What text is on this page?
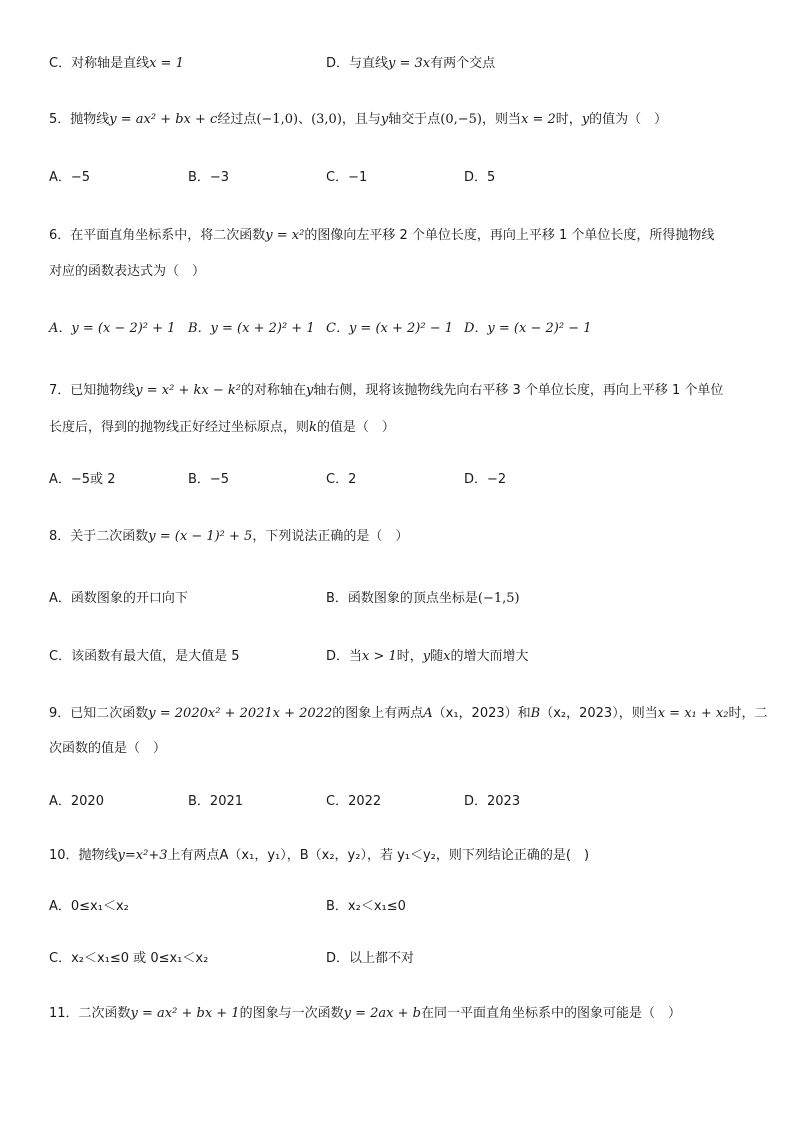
C．对称轴是直线x = 1	D．与直线y = 3x有两个交点
5．抛物线y = ax² + bx + c经过点(−1,0)、(3,0)，且与y轴交于点(0,−5)，则当x = 2时，y的值为（　）
A．−5	B．−3	C．−1	D．5
6．在平面直角坐标系中，将二次函数y = x²的图像向左平移 2 个单位长度，再向上平移 1 个单位长度，所得抛物线
对应的函数表达式为（　）
A．y = (x − 2)² + 1 B．y = (x + 2)² + 1 C．y = (x + 2)² − 1 D．y = (x − 2)² − 1
7．已知抛物线y = x² + kx − k²的对称轴在y轴右侧，现将该抛物线先向右平移 3 个单位长度，再向上平移 1 个单位
长度后，得到的抛物线正好经过坐标原点，则k的值是（　）
A．−5或 2	B．−5	C．2	D．−2
8．关于二次函数y = (x − 1)² + 5，下列说法正确的是（　）
A．函数图象的开口向下	B．函数图象的顶点坐标是(−1,5)
C．该函数有最大值，是大值是 5	D．当x > 1时，y随x的增大而增大
9．已知二次函数y = 2020x² + 2021x + 2022的图象上有两点A（x₁，2023）和B（x₂，2023），则当x = x₁ + x₂时，二
次函数的值是（　）
A．2020	B．2021	C．2022	D．2023
10．抛物线y=x²+3上有两点A（x₁，y₁），B（x₂，y₂），若 y₁＜y₂，则下列结论正确的是(　)
A．0≤x₁＜x₂	B．x₂＜x₁≤0
C．x₂＜x₁≤0 或 0≤x₁＜x₂	D．以上都不对
11．二次函数y = ax² + bx + 1的图象与一次函数y = 2ax + b在同一平面直角坐标系中的图象可能是（　）
